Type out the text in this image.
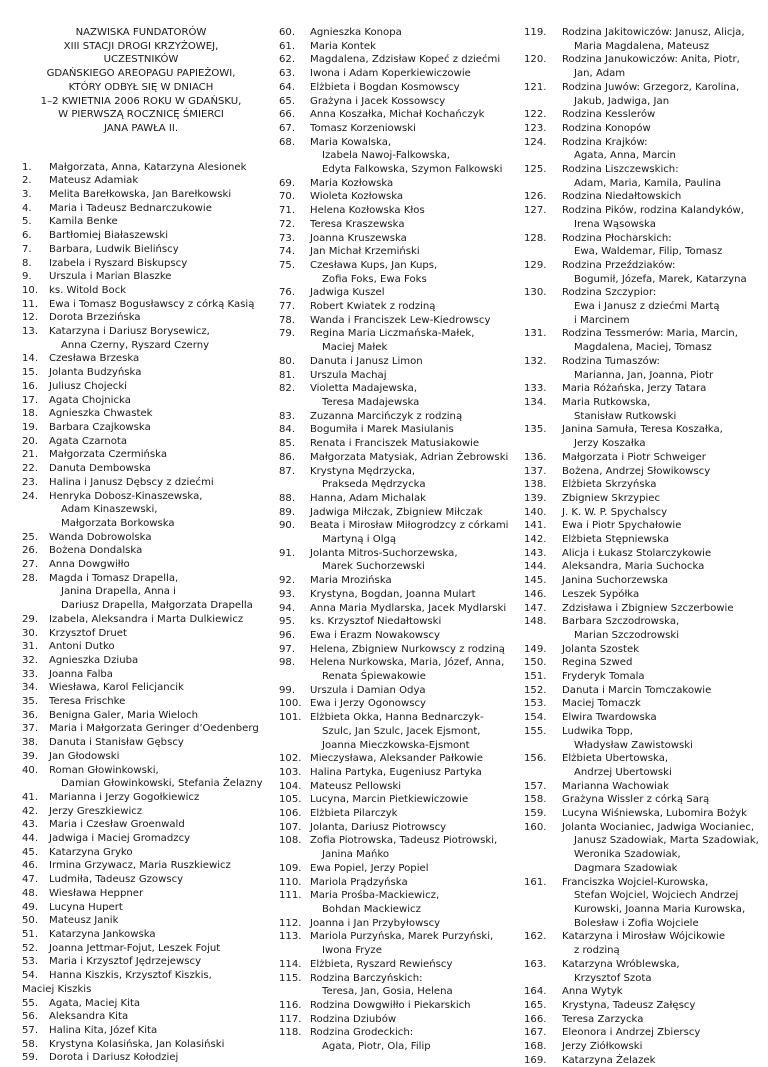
NAZWISKA FUNDATORÓW
XIII STACJI DROGI KRZYŻOWEJ,
UCZESTNIKÓW
GDAŃSKIEGO AREOPAGU PAPIEŻOWI,
KTÓRY ODBYŁ SIĘ W DNIACH
1–2 KWIETNIA 2006 ROKU W GDAŃSKU,
W PIERWSZĄ ROCZNICĘ ŚMIERCI
JANA PAWŁA II.
1.	Małgorzata, Anna, Katarzyna Alesionek
2.	Mateusz Adamiak
3.	Melita Barełkowska, Jan Barełkowski
4.	Maria i Tadeusz Bednarczukowie
5.	Kamila Benke
6.	Bartłomiej Białaszewski
7.	Barbara, Ludwik Bielińscy
8.	Izabela i Ryszard Biskupscy
9.	Urszula i Marian Blaszke
10.	ks. Witold Bock
11.	Ewa i Tomasz Bogusławscy z córką Kasią
12.	Dorota Brzezińska
13.	Katarzyna i Dariusz Borysewicz,
Anna Czerny, Ryszard Czerny
14.	Czesława Brzeska
15.	Jolanta Budzyńska
16.	Juliusz Chojecki
17.	Agata Chojnicka
18.	Agnieszka Chwastek
19.	Barbara Czajkowska
20.	Agata Czarnota
21.	Małgorzata Czermińska
22.	Danuta Dembowska
23.	Halina i Janusz Dębscy z dziećmi
24.	Henryka Dobosz-Kinaszewska,
Adam Kinaszewski,
Małgorzata Borkowska
25.	Wanda Dobrowolska
26.	Bożena Dondalska
27.	Anna Dowgwiłło
28.	Magda i Tomasz Drapella,
Janina Drapella, Anna i
Dariusz Drapella, Małgorzata Drapella
29.	Izabela, Aleksandra i Marta Dulkiewicz
30.	Krzysztof Druet
31.	Antoni Dutko
32.	Agnieszka Dziuba
33.	Joanna Falba
34.	Wiesława, Karol Felicjancik
35.	Teresa Frischke
36.	Benigna Galer, Maria Wieloch
37.	Maria i Małgorzata Geringer d’Oedenberg
38.	Danuta i Stanisław Gębscy
39.	Jan Głodowski
40.	Roman Głowinkowski,
Damian Głowinkowski, Stefania Żelazny
41.	Marianna i Jerzy Gogołkiewicz
42.	Jerzy Greszkiewicz
43.	Maria i Czesław Groenwald
44.	Jadwiga i Maciej Gromadzcy
45.	Katarzyna Gryko
46.	Irmina Grzywacz, Maria Ruszkiewicz
47.	Ludmiła, Tadeusz Gzowscy
48.	Wiesława Heppner
49.	Lucyna Hupert
50.	Mateusz Janik
51.	Katarzyna Jankowska
52.	Joanna Jettmar-Fojut, Leszek Fojut
53.	Maria i Krzysztof Jędrzejewscy
54. Hanna Kiszkis, Krzysztof Kiszkis,
Maciej Kiszkis
55.	Agata, Maciej Kita
56.	Aleksandra Kita
57.	Halina Kita, Józef Kita
58.	Krystyna Kolasińska, Jan Kolasiński
59.	Dorota i Dariusz Kołodziej
60.	Agnieszka Konopa
61.	Maria Kontek
62.	Magdalena, Zdzisław Kopeć z dziećmi
63.	Iwona i Adam Koperkiewiczowie
64.	Elżbieta i Bogdan Kosmowscy
65.	Grażyna i Jacek Kossowscy
66.	Anna Koszałka, Michał Kochańczyk
67.	Tomasz Korzeniowski
68.	Maria Kowalska,
Izabela Nawoj-Falkowska,
Edyta Falkowska, Szymon Falkowski
69.	Maria Kozłowska
70.	Wioleta Kozłowska
71.	Helena Kozłowska Kłos
72.	Teresa Kraszewska
73.	Joanna Kruszewska
74.	Jan Michał Krzemiński
75.	Czesława Kups, Jan Kups,
Zofia Foks, Ewa Foks
76.	Jadwiga Kuszel
77.	Robert Kwiatek z rodziną
78.	Wanda i Franciszek Lew-Kiedrowscy
79.	Regina Maria Liczmańska-Małek,
Maciej Małek
80.	Danuta i Janusz Limon
81.	Urszula Machaj
82.	Violetta Madajewska,
Teresa Madajewska
83.	Zuzanna Marcińczyk z rodziną
84.	Bogumiła i Marek Masiulanis
85.	Renata i Franciszek Matusiakowie
86.	Małgorzata Matysiak, Adrian Żebrowski
87.	Krystyna Mędrzycka,
Prakseda Mędrzycka
88.	Hanna, Adam Michalak
89.	Jadwiga Miłczak, Zbigniew Miłczak
90.	Beata i Mirosław Miłogrodzcy z córkami
Martyną i Olgą
91.	Jolanta Mitros-Suchorzewska,
Marek Suchorzewski
92.	Maria Mrozińska
93.	Krystyna, Bogdan, Joanna Mulart
94.	Anna Maria Mydlarska, Jacek Mydlarski
95.	ks. Krzysztof Niedałtowski
96.	Ewa i Erazm Nowakowscy
97.	Helena, Zbigniew Nurkowscy z rodziną
98.	Helena Nurkowska, Maria, Józef, Anna,
Renata Śpiewakowie
99.	Urszula i Damian Odya
100. Ewa i Jerzy Ogonowscy
101. Elżbieta Okka, Hanna Bednarczyk-
Szulc, Jan Szulc, Jacek Ejsmont,
Joanna Mieczkowska-Ejsmont
102. Mieczysława, Aleksander Pałkowie
103. Halina Partyka, Eugeniusz Partyka
104. Mateusz Pellowski
105. Lucyna, Marcin Pietkiewiczowie
106. Elżbieta Pilarczyk
107. Jolanta, Dariusz Piotrowscy
108. Zofia Piotrowska, Tadeusz Piotrowski,
Janina Mańko
109. Ewa Popiel, Jerzy Popiel
110. Mariola Prądzyńska
111. Maria Prośba-Mackiewicz,
Bohdan Mackiewicz
112. Joanna i Jan Przybyłowscy
113. Mariola Purzyńska, Marek Purzyński,
Iwona Fryze
114. Elżbieta, Ryszard Rewieńscy
115. Rodzina Barczyńskich:
Teresa, Jan, Gosia, Helena
116. Rodzina Dowgwiłło i Piekarskich
117. Rodzina Dziubów
118. Rodzina Grodeckich:
Agata, Piotr, Ola, Filip
119.	Rodzina Jakitowiczów: Janusz, Alicja,
Maria Magdalena, Mateusz
120.	Rodzina Janukowiczów: Anita, Piotr,
Jan, Adam
121.	Rodzina Juwów: Grzegorz, Karolina,
Jakub, Jadwiga, Jan
122.	Rodzina Kesslerów
123.	Rodzina Konopów
124.	Rodzina Krajków:
Agata, Anna, Marcin
125.	Rodzina Liszczewskich:
Adam, Maria, Kamila, Paulina
126.	Rodzina Niedałtowskich
127.	Rodzina Pików, rodzina Kalandyków,
Irena Wąsowska
128.	Rodzina Płocharskich:
Ewa, Waldemar, Filip, Tomasz
129.	Rodzina Przeździaków:
Bogumił, Józefa, Marek, Katarzyna
130.	Rodzina Szczypior:
Ewa i Janusz z dziećmi Martą
i Marcinem
131.	Rodzina Tessmerów: Maria, Marcin,
Magdalena, Maciej, Tomasz
132.	Rodzina Tumaszów:
Marianna, Jan, Joanna, Piotr
133.	Maria Różańska, Jerzy Tatara
134.	Maria Rutkowska,
Stanisław Rutkowski
135.	Janina Samuła, Teresa Koszałka,
Jerzy Koszałka
136.	Małgorzata i Piotr Schweiger
137.	Bożena, Andrzej Słowikowscy
138.	Elżbieta Skrzyńska
139.	Zbigniew Skrzypiec
140.	J. K. W. P. Spychalscy
141.	Ewa i Piotr Spychałowie
142.	Elżbieta Stępniewska
143.	Alicja i Łukasz Stolarczykowie
144.	Aleksandra, Maria Suchocka
145.	Janina Suchorzewska
146.	Leszek Sypółka
147.	Zdzisława i Zbigniew Szczerbowie
148.	Barbara Szczodrowska,
Marian Szczodrowski
149.	Jolanta Szostek
150.	Regina Szwed
151.	Fryderyk Tomala
152.	Danuta i Marcin Tomczakowie
153.	Maciej Tomaczk
154.	Elwira Twardowska
155.	Ludwika Topp,
Władysław Zawistowski
156.	Elżbieta Ubertowska,
Andrzej Ubertowski
157.	Marianna Wachowiak
158.	Grażyna Wissler z córką Sarą
159.	Lucyna Wiśniewska, Lubomira Bożyk
160.	Jolanta Wocianiec, Jadwiga Wocianiec,
Janusz Szadowiak, Marta Szadowiak,
Weronika Szadowiak,
Dagmara Szadowiak
161.	Franciszka Wojciel-Kurowska,
Stefan Wojciel, Wojciech Andrzej
Kurowski, Joanna Maria Kurowska,
Bolesław i Zofia Wojciele
162.	Katarzyna i Mirosław Wójcikowie
z rodziną
163.	Katarzyna Wróblewska,
Krzysztof Szota
164.	Anna Wytyk
165.	Krystyna, Tadeusz Załęscy
166.	Teresa Zarzycka
167.	Eleonora i Andrzej Zbierscy
168.	Jerzy Ziółkowski
169.	Katarzyna Żelazek
